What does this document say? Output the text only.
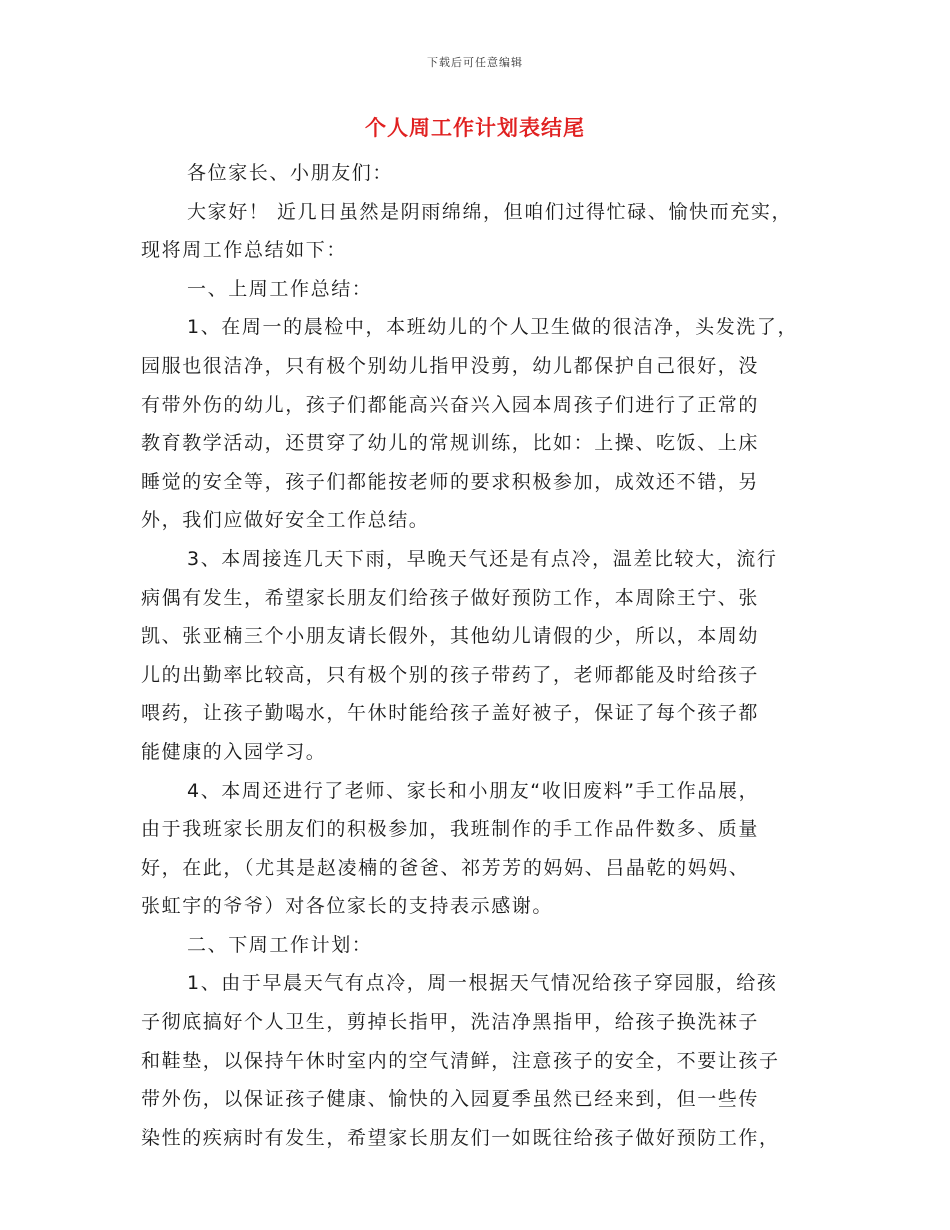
下载后可任意编辑
个人周工作计划表结尾
各位家长、小朋友们：
大家好！ 近几日虽然是阴雨绵绵，但咱们过得忙碌、愉快而充实，
现将周工作总结如下：
一、上周工作总结：
1、在周一的晨检中，本班幼儿的个人卫生做的很洁净，头发洗了，
园服也很洁净，只有极个别幼儿指甲没剪，幼儿都保护自己很好，没
有带外伤的幼儿，孩子们都能高兴奋兴入园本周孩子们进行了正常的
教育教学活动，还贯穿了幼儿的常规训练，比如：上操、吃饭、上床
睡觉的安全等，孩子们都能按老师的要求积极参加，成效还不错，另
外，我们应做好安全工作总结。
3、本周接连几天下雨，早晚天气还是有点冷，温差比较大，流行
病偶有发生，希望家长朋友们给孩子做好预防工作，本周除王宁、张
凯、张亚楠三个小朋友请长假外，其他幼儿请假的少，所以，本周幼
儿的出勤率比较高，只有极个别的孩子带药了，老师都能及时给孩子
喂药，让孩子勤喝水，午休时能给孩子盖好被子，保证了每个孩子都
能健康的入园学习。
4、本周还进行了老师、家长和小朋友“收旧废料”手工作品展，
由于我班家长朋友们的积极参加，我班制作的手工作品件数多、质量
好，在此，（尤其是赵凌楠的爸爸、祁芳芳的妈妈、吕晶乾的妈妈、
张虹宇的爷爷）对各位家长的支持表示感谢。
二、下周工作计划：
1、由于早晨天气有点冷，周一根据天气情况给孩子穿园服，给孩
子彻底搞好个人卫生，剪掉长指甲，洗洁净黑指甲，给孩子换洗袜子
和鞋垫，以保持午休时室内的空气清鲜，注意孩子的安全，不要让孩子
带外伤，以保证孩子健康、愉快的入园夏季虽然已经来到，但一些传
染性的疾病时有发生，希望家长朋友们一如既往给孩子做好预防工作，
